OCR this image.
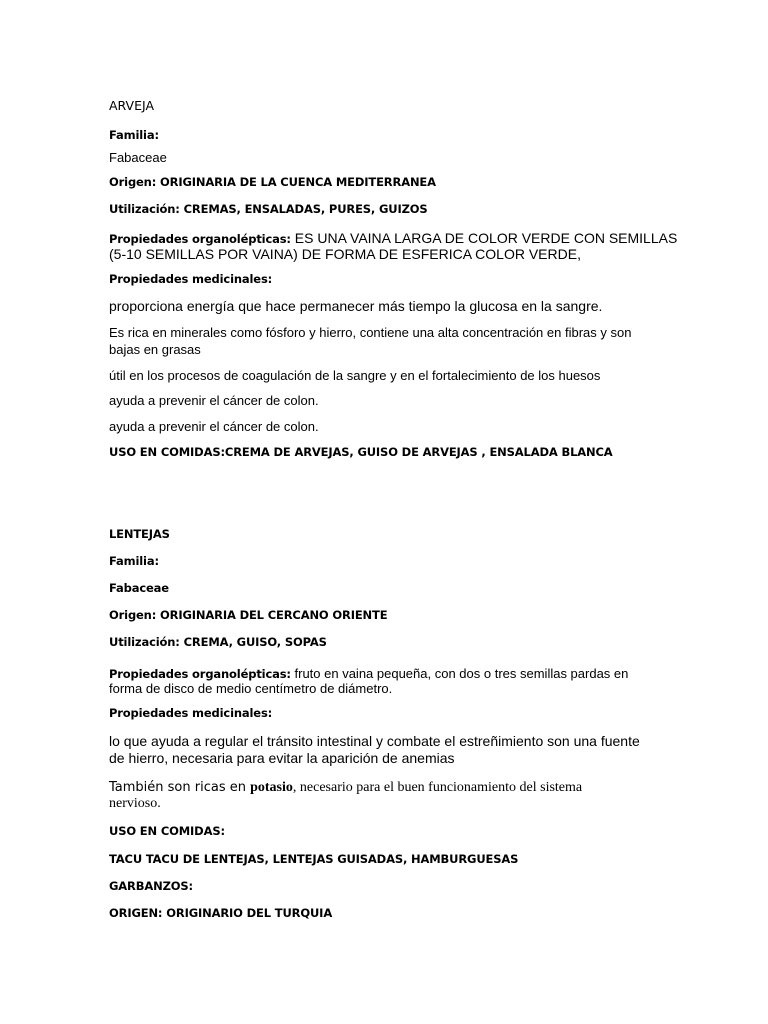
ARVEJA

Familia:

Fabaceae

Origen: ORIGINARIA DE LA CUENCA MEDITERRANEA

Utilización: CREMAS, ENSALADAS, PURES, GUIZOS

Propiedades organolépticas: ES UNA VAINA LARGA DE COLOR VERDE CON SEMILLAS

(5-10 SEMILLAS POR VAINA) DE FORMA DE ESFERICA COLOR VERDE,

Propiedades medicinales:

proporciona energía que hace permanecer más tiempo la glucosa en la sangre.

Es rica en minerales como fósforo y hierro, contiene una alta concentración en fibras y son

bajas en grasas

útil en los procesos de coagulación de la sangre y en el fortalecimiento de los huesos

ayuda a prevenir el cáncer de colon.

ayuda a prevenir el cáncer de colon.

USO EN COMIDAS:CREMA DE ARVEJAS, GUISO DE ARVEJAS , ENSALADA BLANCA

LENTEJAS

Familia:

Fabaceae

Origen: ORIGINARIA DEL CERCANO ORIENTE

Utilización: CREMA, GUISO, SOPAS

Propiedades organolépticas: fruto en vaina pequeña, con dos o tres semillas pardas en

forma de disco de medio centímetro de diámetro.

Propiedades medicinales:

lo que ayuda a regular el tránsito intestinal y combate el estreñimiento son una fuente

de hierro, necesaria para evitar la aparición de anemias

También son ricas en potasio, necesario para el buen funcionamiento del sistema

nervioso.

USO EN COMIDAS:

TACU TACU DE LENTEJAS, LENTEJAS GUISADAS, HAMBURGUESAS

GARBANZOS:

ORIGEN: ORIGINARIO DEL TURQUIA
